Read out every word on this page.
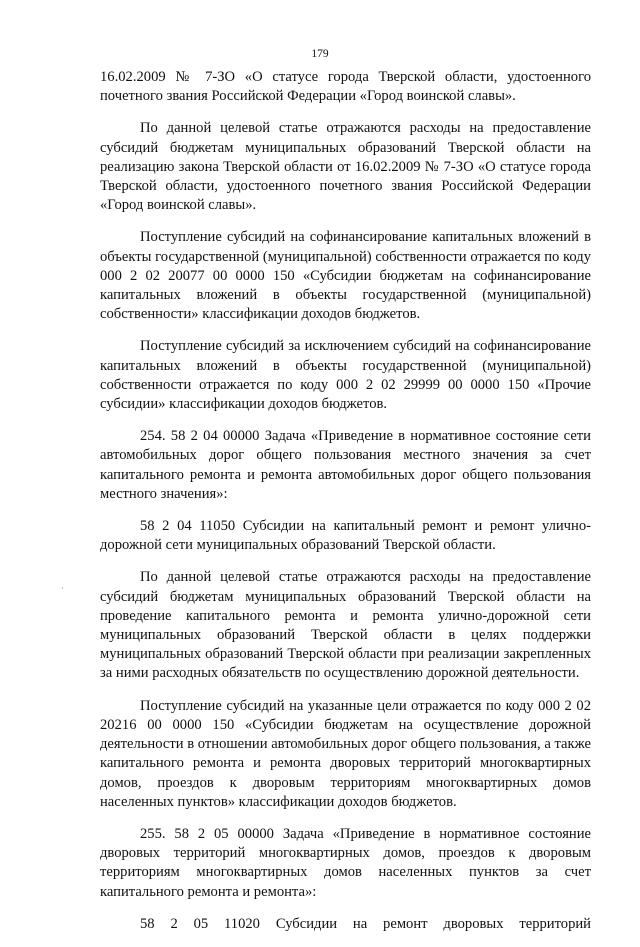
179

16.02.2009 № 7-ЗО «О статусе города Тверской области, удостоенного почетного звания Российской Федерации «Город воинской славы».

По данной целевой статье отражаются расходы на предоставление субсидий бюджетам муниципальных образований Тверской области на реализацию закона Тверской области от 16.02.2009 № 7-ЗО «О статусе города Тверской области, удостоенного почетного звания Российской Федерации «Город воинской славы».

Поступление субсидий на софинансирование капитальных вложений в объекты государственной (муниципальной) собственности отражается по коду 000 2 02 20077 00 0000 150 «Субсидии бюджетам на софинансирование капитальных вложений в объекты государственной (муниципальной) собственности» классификации доходов бюджетов.

Поступление субсидий за исключением субсидий на софинансирование капитальных вложений в объекты государственной (муниципальной) собственности отражается по коду 000 2 02 29999 00 0000 150 «Прочие субсидии» классификации доходов бюджетов.

254. 58 2 04 00000 Задача «Приведение в нормативное состояние сети автомобильных дорог общего пользования местного значения за счет капитального ремонта и ремонта автомобильных дорог общего пользования местного значения»:

58 2 04 11050 Субсидии на капитальный ремонт и ремонт улично-дорожной сети муниципальных образований Тверской области.

По данной целевой статье отражаются расходы на предоставление субсидий бюджетам муниципальных образований Тверской области на проведение капитального ремонта и ремонта улично-дорожной сети муниципальных образований Тверской области в целях поддержки муниципальных образований Тверской области при реализации закрепленных за ними расходных обязательств по осуществлению дорожной деятельности.

Поступление субсидий на указанные цели отражается по коду 000 2 02 20216 00 0000 150 «Субсидии бюджетам на осуществление дорожной деятельности в отношении автомобильных дорог общего пользования, а также капитального ремонта и ремонта дворовых территорий многоквартирных домов, проездов к дворовым территориям многоквартирных домов населенных пунктов» классификации доходов бюджетов.

255. 58 2 05 00000 Задача «Приведение в нормативное состояние дворовых территорий многоквартирных домов, проездов к дворовым территориям многоквартирных домов населенных пунктов за счет капитального ремонта и ремонта»:

58 2 05 11020 Субсидии на ремонт дворовых территорий

·
